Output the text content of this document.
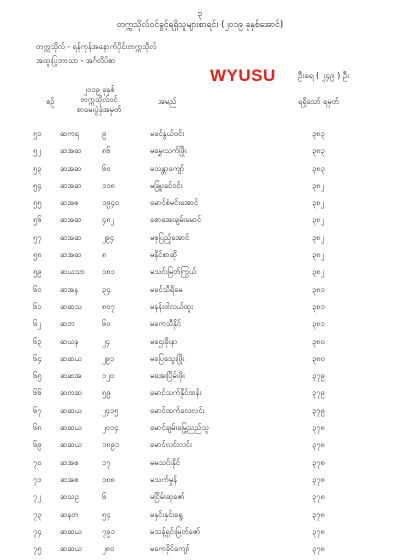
၃
တက္ကသိုလ်ဝင်ခွင့်ရရှိသူများစာရင်း (၂၀၁၉ ခုနှစ်အောင်)
တက္ကသိုလ် - ရန်ကုန်အနောက်ပိုင်းတက္ကသိုလ်
အထူးပြုဘာသာ - အင်္ဂလိပ်စာ
WYUSU	ဦးရေ ( ၂၄၉ ) ဦး
စဉ်
၂၀၁၉ ခုနှစ်
တက္ကသိုလ်ဝင်
စာမေးပွဲခုံအမှတ်
အမည်	ရရှိသော် ရမှတ်
၅၁ ဆကရ	၉	မခင်နွယ်ဝင်း	၃၈၃
၅၂	ဆအဆ	၈၆	မမွှေးသက်ဖြိုး	၃၈၃
၅၃ ဆအဆ	၆၀	မသန္တာကျော်	၃၈၃
၅၄ ဆအဆ	၁၁၈	မခြူးခင်ဝင်း	၃၈၂
၅၅ ဆအစ	၁၉၄၀	မောင်စံမင်းအောင်	၃၈၂
၅၆ ဆအဆ	၄၈၂	စောအေးချမ်းမောင်	၃၈၂
၅၇ ဆအဆ	၂၉၄	မစုပြည့်အောင်	၃၈၂
၅၈ ဆအဆ	၈	မနိုင်စာဆို	၃၈၂
၅၉ ဆယသာ ၁၈၁	မသင်းမြတ်ကြွယ်	၃၈၂
၆၀ ဆအန	၃၄	မခင်သီရိမေ	၃၈၁
၆၁ ဆဆသ	၈၀၇	မနန်းဝါလယ်ထူး	၃၈၁
၆၂	ဆဘ	၆၀	မကေသီနိုင်	၃၈၁
၆၃ ဆယန	၂၄	မဌေးခိုးနာ	၃၈၀
၆၄ ဆဆယ	၂၉၁	မပြေသွေးဖြိုး	၃၈၀
၆၅ ဆဆအ	၁၂၀	မအေးပြိမ်းဖိုး	၃၇၉
၆၆ ဆတဆ	၅၉	မောင်သက်နိုင်ထန်း	၃၇၉
၆၇ ဆဆယ	၂၄၁၅	မောင်ထက်လေလင်း	၃၇၉
၆၈ ဆဆယ	၂၀၁၄	မောင်ချမ်းမြေ့ညည်သူ	၃၇၈
၆၉ ဆဆယ	၁၈၉၁	မောင်လင်းလင်း	၃၇၈
၇၀ ဆအစ	၁၇	မမသင်းနိုင်	၃၇၈
၇၁ ဆအစ	၁၈၈	မသက်မှုန်	၃၇၈
၇၂	ဆသဥ	၆	မငြိမ်းဆုဇော်	၃၇၈
၇၃ ဆနတ	၅၄	မနှင်းနှင်းရွေ	၃၇၈
၇၄ ဆဆယ	၇၉၁	မသန့်ရှင်းမြတ်ဇော်	၃၇၈
၇၅ ဆဆယ	၂၈၀	မကေခိုင်ကျော်	၃၇၈
